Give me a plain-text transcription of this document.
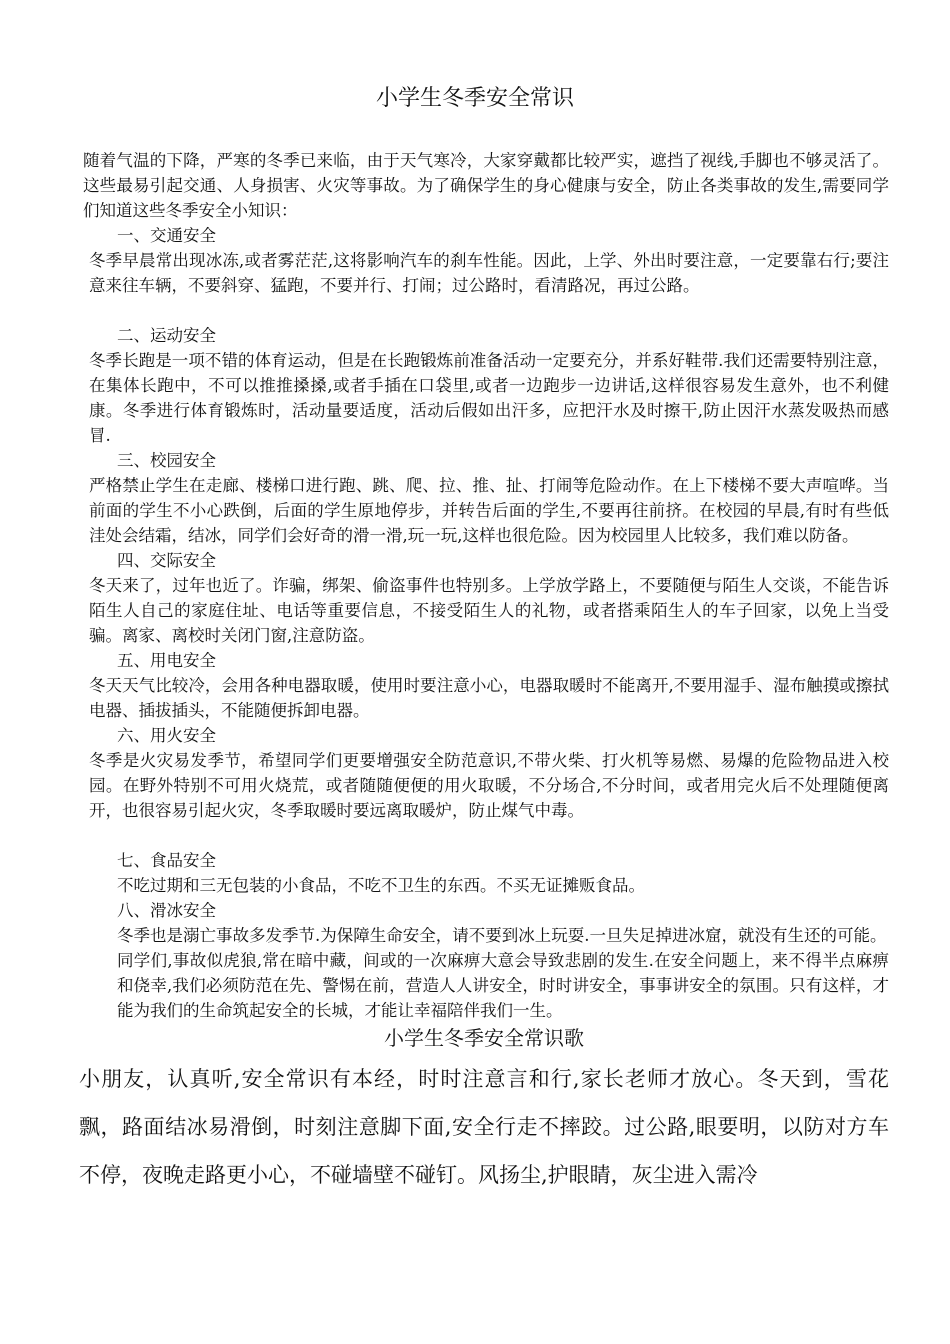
小学生冬季安全常识

随着气温的下降，严寒的冬季已来临，由于天气寒冷，大家穿戴都比较严实，遮挡了视线,手脚也不够灵活了。这些最易引起交通、人身损害、火灾等事故。为了确保学生的身心健康与安全，防止各类事故的发生,需要同学们知道这些冬季安全小知识：

一、交通安全

冬季早晨常出现冰冻,或者雾茫茫,这将影响汽车的刹车性能。因此，上学、外出时要注意，一定要靠右行;要注意来往车辆，不要斜穿、猛跑，不要并行、打闹；过公路时，看清路况，再过公路。

二、运动安全

冬季长跑是一项不错的体育运动，但是在长跑锻炼前准备活动一定要充分，并系好鞋带.我们还需要特别注意，在集体长跑中，不可以推推搡搡,或者手插在口袋里,或者一边跑步一边讲话,这样很容易发生意外，也不利健康。冬季进行体育锻炼时，活动量要适度，活动后假如出汗多，应把汗水及时擦干,防止因汗水蒸发吸热而感冒.

三、校园安全

严格禁止学生在走廊、楼梯口进行跑、跳、爬、拉、推、扯、打闹等危险动作。在上下楼梯不要大声喧哗。当前面的学生不小心跌倒，后面的学生原地停步，并转告后面的学生,不要再往前挤。在校园的早晨,有时有些低洼处会结霜，结冰，同学们会好奇的滑一滑,玩一玩,这样也很危险。因为校园里人比较多，我们难以防备。

四、交际安全

冬天来了，过年也近了。诈骗，绑架、偷盗事件也特别多。上学放学路上，不要随便与陌生人交谈，不能告诉陌生人自己的家庭住址、电话等重要信息，不接受陌生人的礼物，或者搭乘陌生人的车子回家，以免上当受骗。离家、离校时关闭门窗,注意防盗。

五、用电安全

冬天天气比较冷，会用各种电器取暖，使用时要注意小心，电器取暖时不能离开,不要用湿手、湿布触摸或擦拭电器、插拔插头，不能随便拆卸电器。

六、用火安全

冬季是火灾易发季节，希望同学们更要增强安全防范意识,不带火柴、打火机等易燃、易爆的危险物品进入校园。在野外特别不可用火烧荒，或者随随便便的用火取暖，不分场合,不分时间，或者用完火后不处理随便离开，也很容易引起火灾，冬季取暖时要远离取暖炉，防止煤气中毒。

七、食品安全

不吃过期和三无包装的小食品，不吃不卫生的东西。不买无证摊贩食品。

八、滑冰安全

冬季也是溺亡事故多发季节.为保障生命安全，请不要到冰上玩耍.一旦失足掉进冰窟，就没有生还的可能。

同学们,事故似虎狼,常在暗中藏，间或的一次麻痹大意会导致悲剧的发生.在安全问题上，来不得半点麻痹和侥幸,我们必须防范在先、警惕在前，营造人人讲安全，时时讲安全，事事讲安全的氛围。只有这样，才能为我们的生命筑起安全的长城，才能让幸福陪伴我们一生。

小学生冬季安全常识歌

小朋友，认真听,安全常识有本经，时时注意言和行,家长老师才放心。冬天到，雪花飘，路面结冰易滑倒，时刻注意脚下面,安全行走不摔跤。过公路,眼要明，以防对方车不停，夜晚走路更小心，不碰墙壁不碰钉。风扬尘,护眼睛，灰尘进入需冷
